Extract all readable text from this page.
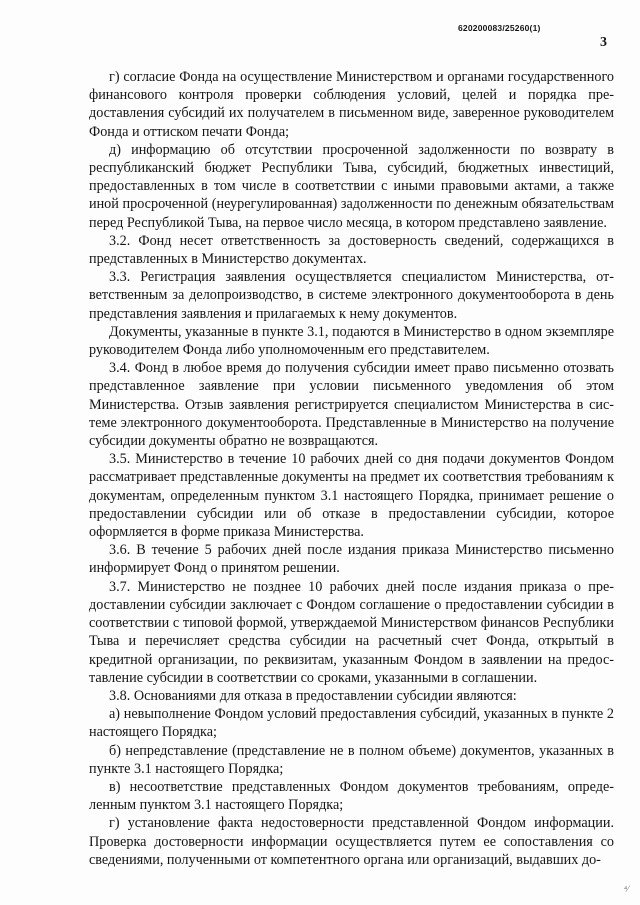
620200083/25260(1)
3

г) согласие Фонда на осуществление Министерством и органами государственного финансового контроля проверки соблюдения условий, целей и порядка предоставления субсидий их получателем в письменном виде, заверенное руководителем Фонда и оттиском печати Фонда;

д) информацию об отсутствии просроченной задолженности по возврату в республиканский бюджет Республики Тыва, субсидий, бюджетных инвестиций, предоставленных в том числе в соответствии с иными правовыми актами, а также иной просроченной (неурегулированная) задолженности по денежным обязательствам перед Республикой Тыва, на первое число месяца, в котором представлено заявление.

3.2. Фонд несет ответственность за достоверность сведений, содержащихся в представленных в Министерство документах.

3.3. Регистрация заявления осуществляется специалистом Министерства, ответственным за делопроизводство, в системе электронного документооборота в день представления заявления и прилагаемых к нему документов.

Документы, указанные в пункте 3.1, подаются в Министерство в одном экземпляре руководителем Фонда либо уполномоченным его представителем.

3.4. Фонд в любое время до получения субсидии имеет право письменно отозвать представленное заявление при условии письменного уведомления об этом Министерства. Отзыв заявления регистрируется специалистом Министерства в системе электронного документооборота. Представленные в Министерство на получение субсидии документы обратно не возвращаются.

3.5. Министерство в течение 10 рабочих дней со дня подачи документов Фондом рассматривает представленные документы на предмет их соответствия требованиям к документам, определенным пунктом 3.1 настоящего Порядка, принимает решение о предоставлении субсидии или об отказе в предоставлении субсидии, которое оформляется в форме приказа Министерства.

3.6. В течение 5 рабочих дней после издания приказа Министерство письменно информирует Фонд о принятом решении.

3.7. Министерство не позднее 10 рабочих дней после издания приказа о предоставлении субсидии заключает с Фондом соглашение о предоставлении субсидии в соответствии с типовой формой, утверждаемой Министерством финансов Республики Тыва и перечисляет средства субсидии на расчетный счет Фонда, открытый в кредитной организации, по реквизитам, указанным Фондом в заявлении на предоставление субсидии в соответствии со сроками, указанными в соглашении.

3.8. Основаниями для отказа в предоставлении субсидии являются:

а) невыполнение Фондом условий предоставления субсидий, указанных в пункте 2 настоящего Порядка;

б) непредставление (представление не в полном объеме) документов, указанных в пункте 3.1 настоящего Порядка;

в) несоответствие представленных Фондом документов требованиям, определенным пунктом 3.1 настоящего Порядка;

г) установление факта недостоверности представленной Фондом информации. Проверка достоверности информации осуществляется путем ее сопоставления со сведениями, полученными от компетентного органа или организаций, выдавших до-

⁴⁄
